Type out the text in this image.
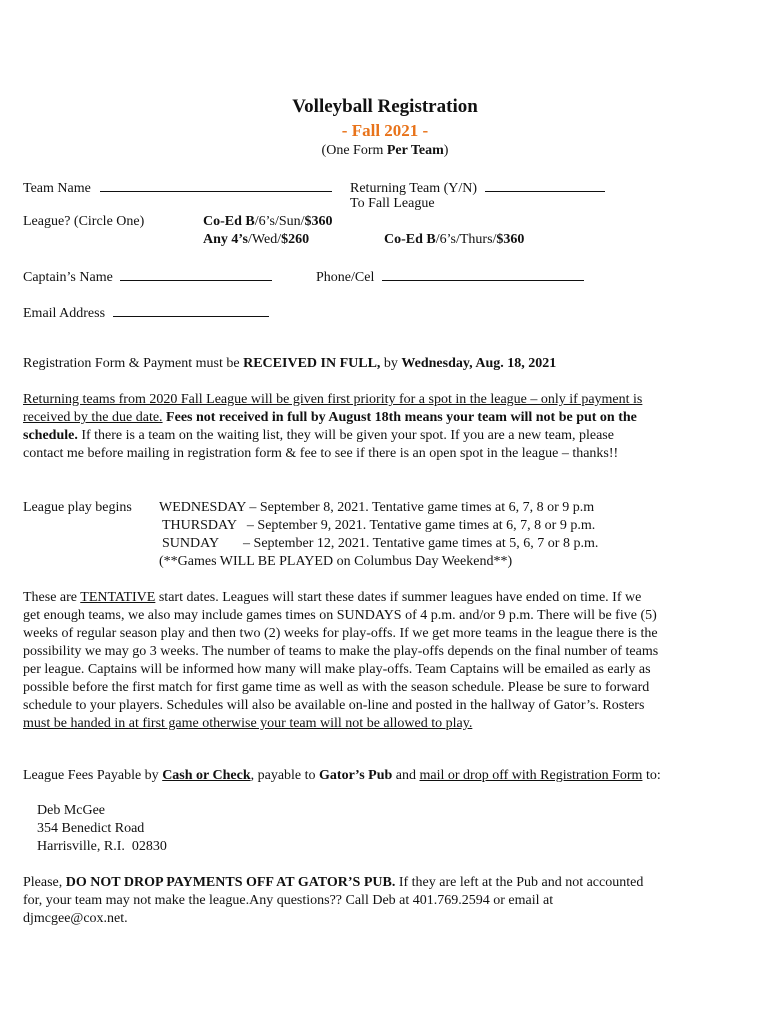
Volleyball Registration
- Fall 2021 -
(One Form Per Team)
Team Name	Returning Team (Y/N)
To Fall League
League? (Circle One)	Co-Ed B/6’s/Sun/$360
Any 4’s/Wed/$260	Co-Ed B/6’s/Thurs/$360
Captain’s Name	Phone/Cel
Email Address
Registration Form & Payment must be RECEIVED IN FULL, by Wednesday, Aug. 18, 2021
Returning teams from 2020 Fall League will be given first priority for a spot in the league – only if payment is received by the due date. Fees not received in full by August 18th means your team will not be put on the schedule. If there is a team on the waiting list, they will be given your spot. If you are a new team, please contact me before mailing in registration form & fee to see if there is an open spot in the league – thanks!!
League play begins WEDNESDAY – September 8, 2021. Tentative game times at 6, 7, 8 or 9 p.m
THURSDAY   – September 9, 2021. Tentative game times at 6, 7, 8 or 9 p.m.
SUNDAY       – September 12, 2021. Tentative game times at 5, 6, 7 or 8 p.m.
(**Games WILL BE PLAYED on Columbus Day Weekend**)
These are TENTATIVE start dates. Leagues will start these dates if summer leagues have ended on time. If we get enough teams, we also may include games times on SUNDAYS of 4 p.m. and/or 9 p.m. There will be five (5) weeks of regular season play and then two (2) weeks for play-offs. If we get more teams in the league there is the possibility we may go 3 weeks. The number of teams to make the play-offs depends on the final number of teams per league. Captains will be informed how many will make play-offs. Team Captains will be emailed as early as possible before the first match for first game time as well as with the season schedule. Please be sure to forward schedule to your players. Schedules will also be available on-line and posted in the hallway of Gator’s. Rosters must be handed in at first game otherwise your team will not be allowed to play.
League Fees Payable by Cash or Check, payable to Gator’s Pub and mail or drop off with Registration Form to:
Deb McGee
354 Benedict Road
Harrisville, R.I.  02830
Please, DO NOT DROP PAYMENTS OFF AT GATOR’S PUB. If they are left at the Pub and not accounted for, your team may not make the league.Any questions?? Call Deb at 401.769.2594 or email at djmcgee@cox.net.
